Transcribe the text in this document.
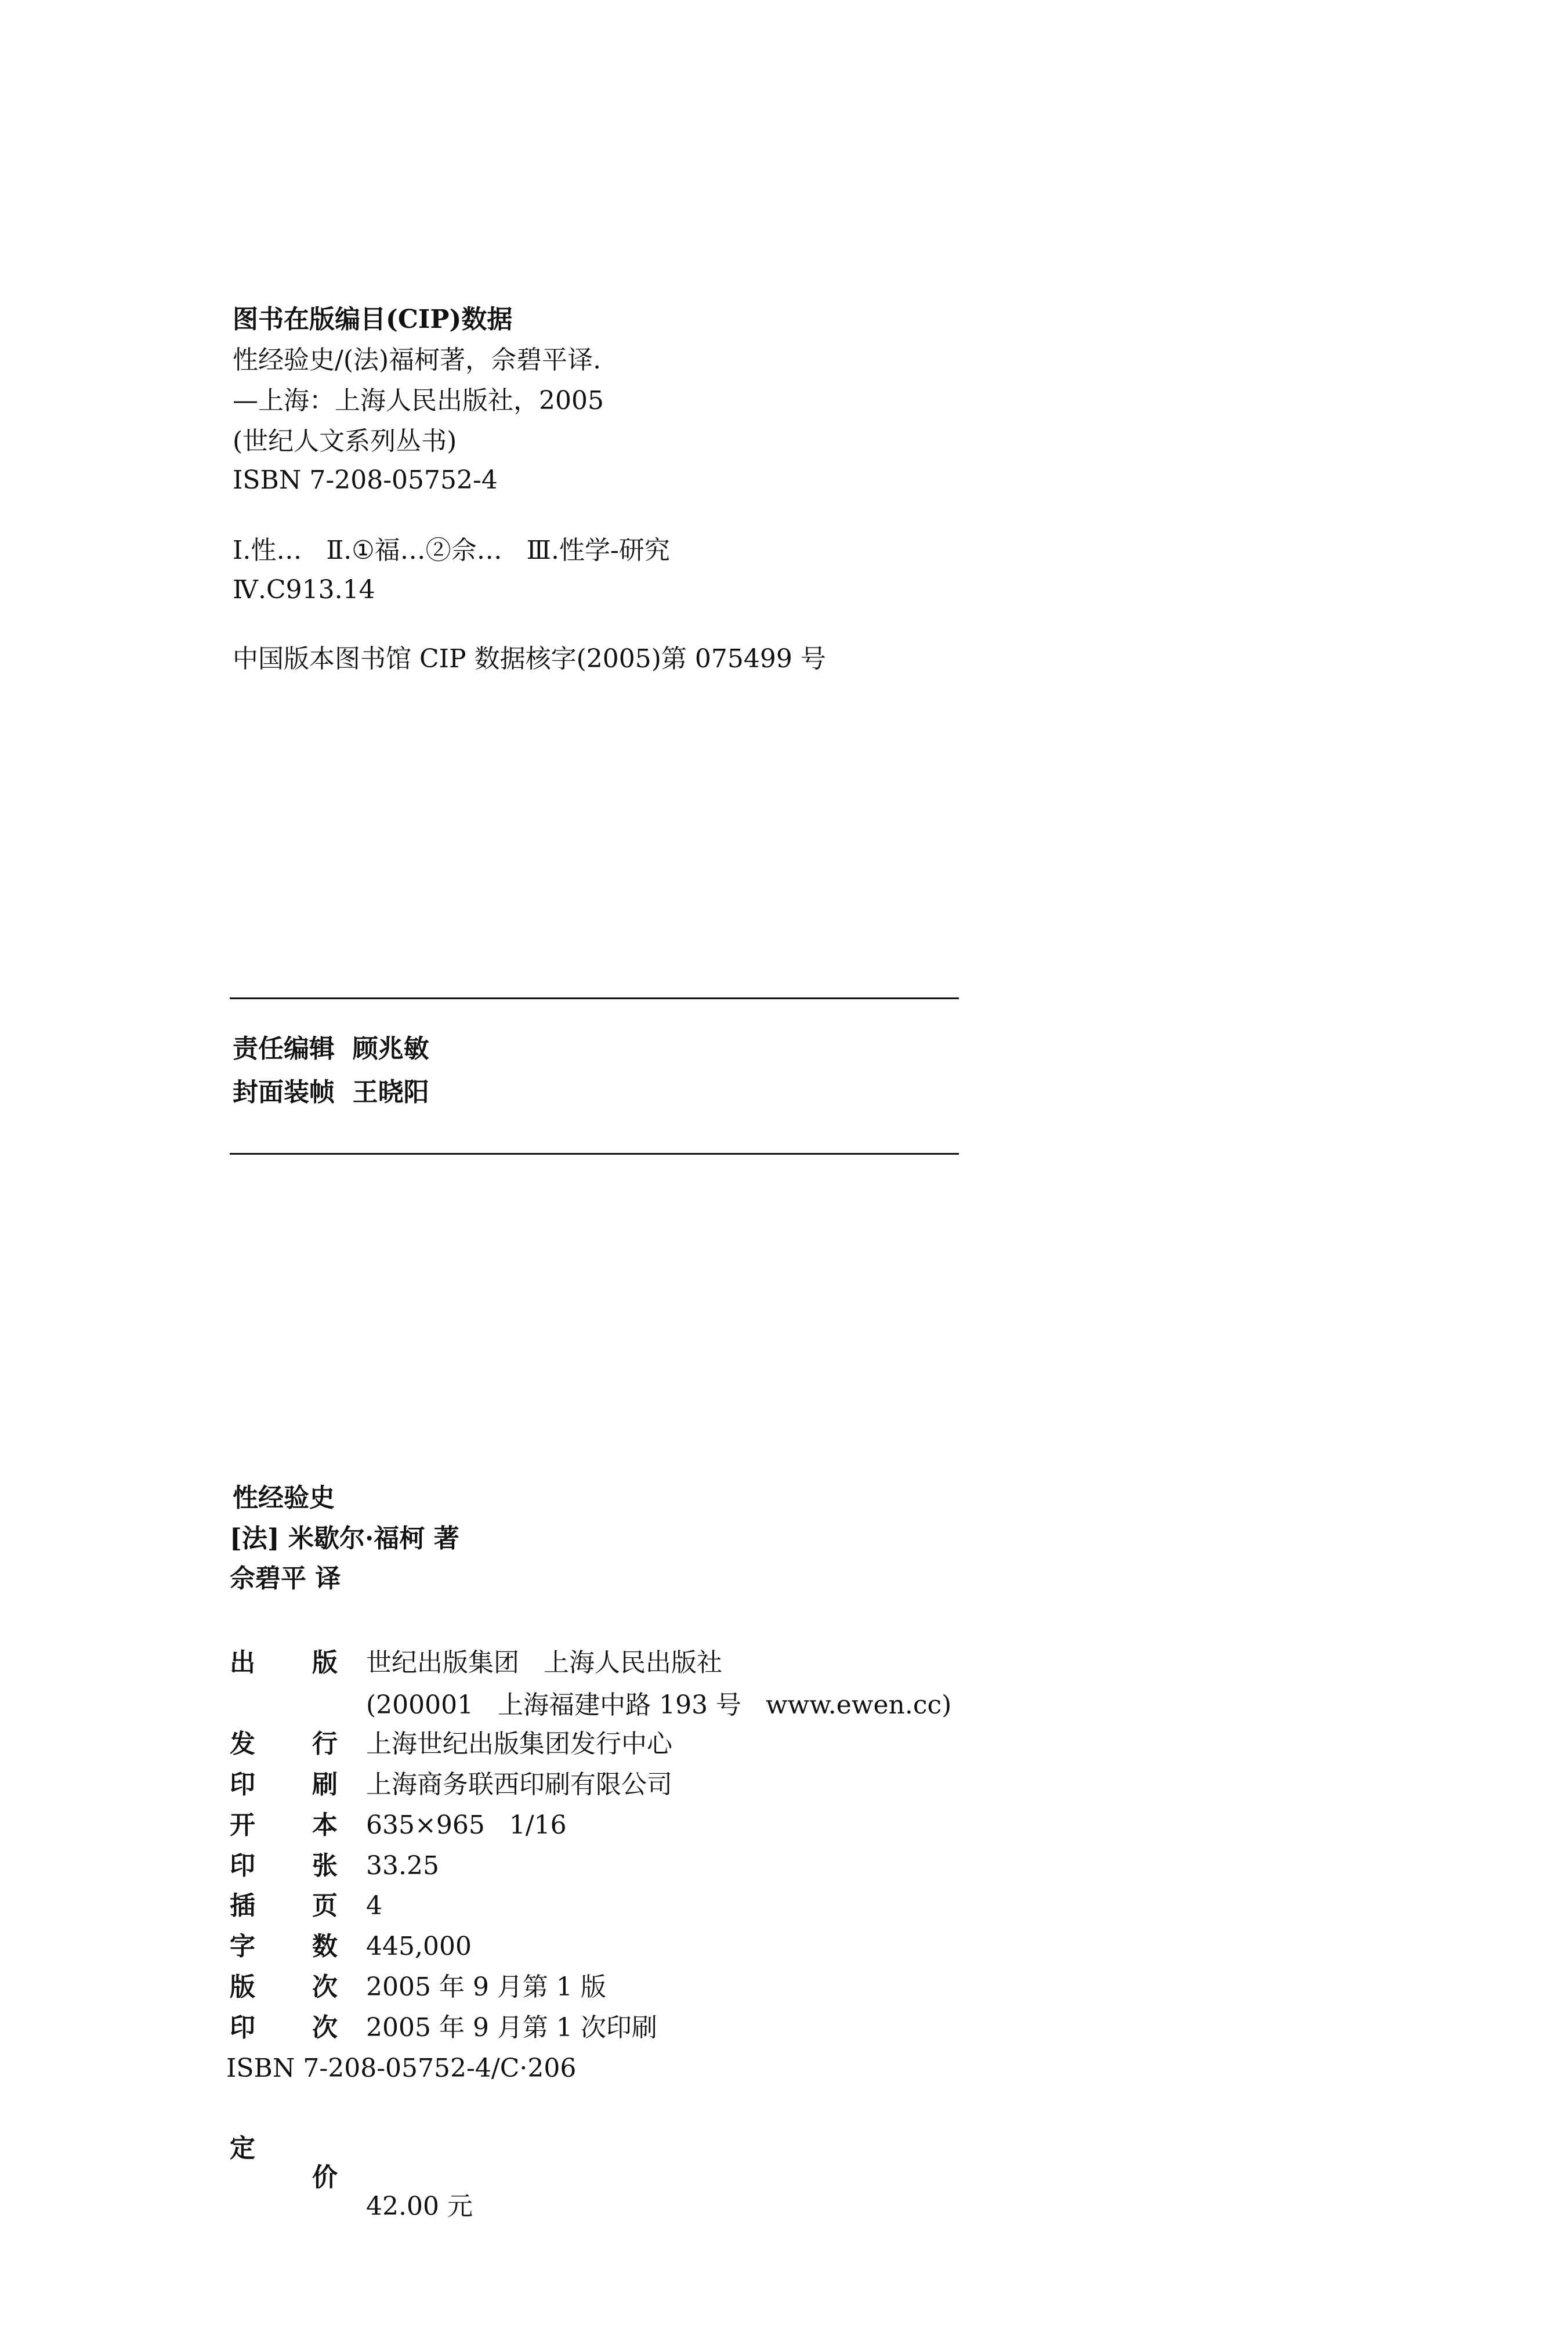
图书在版编目(CIP)数据
性经验史/(法)福柯著，佘碧平译.
—上海：上海人民出版社，2005
(世纪人文系列丛书)
ISBN 7-208-05752-4
Ⅰ.性…   Ⅱ.①福…②佘…   Ⅲ.性学-研究
Ⅳ.C913.14
中国版本图书馆 CIP 数据核字(2005)第 075499 号
责任编辑 顾兆敏
封面装帧 王晓阳
性经验史
[法] 米歇尔·福柯 著
佘碧平 译
出 版 世纪出版集团   上海人民出版社
(200001   上海福建中路 193 号   www.ewen.cc)
发 行 上海世纪出版集团发行中心
印 刷 上海商务联西印刷有限公司
开 本 635×965   1/16
印 张 33.25
插 页 4
字 数 445,000
版 次 2005 年 9 月第 1 版
印 次 2005 年 9 月第 1 次印刷
ISBN 7-208-05752-4/C·206

定

价

42.00 元
